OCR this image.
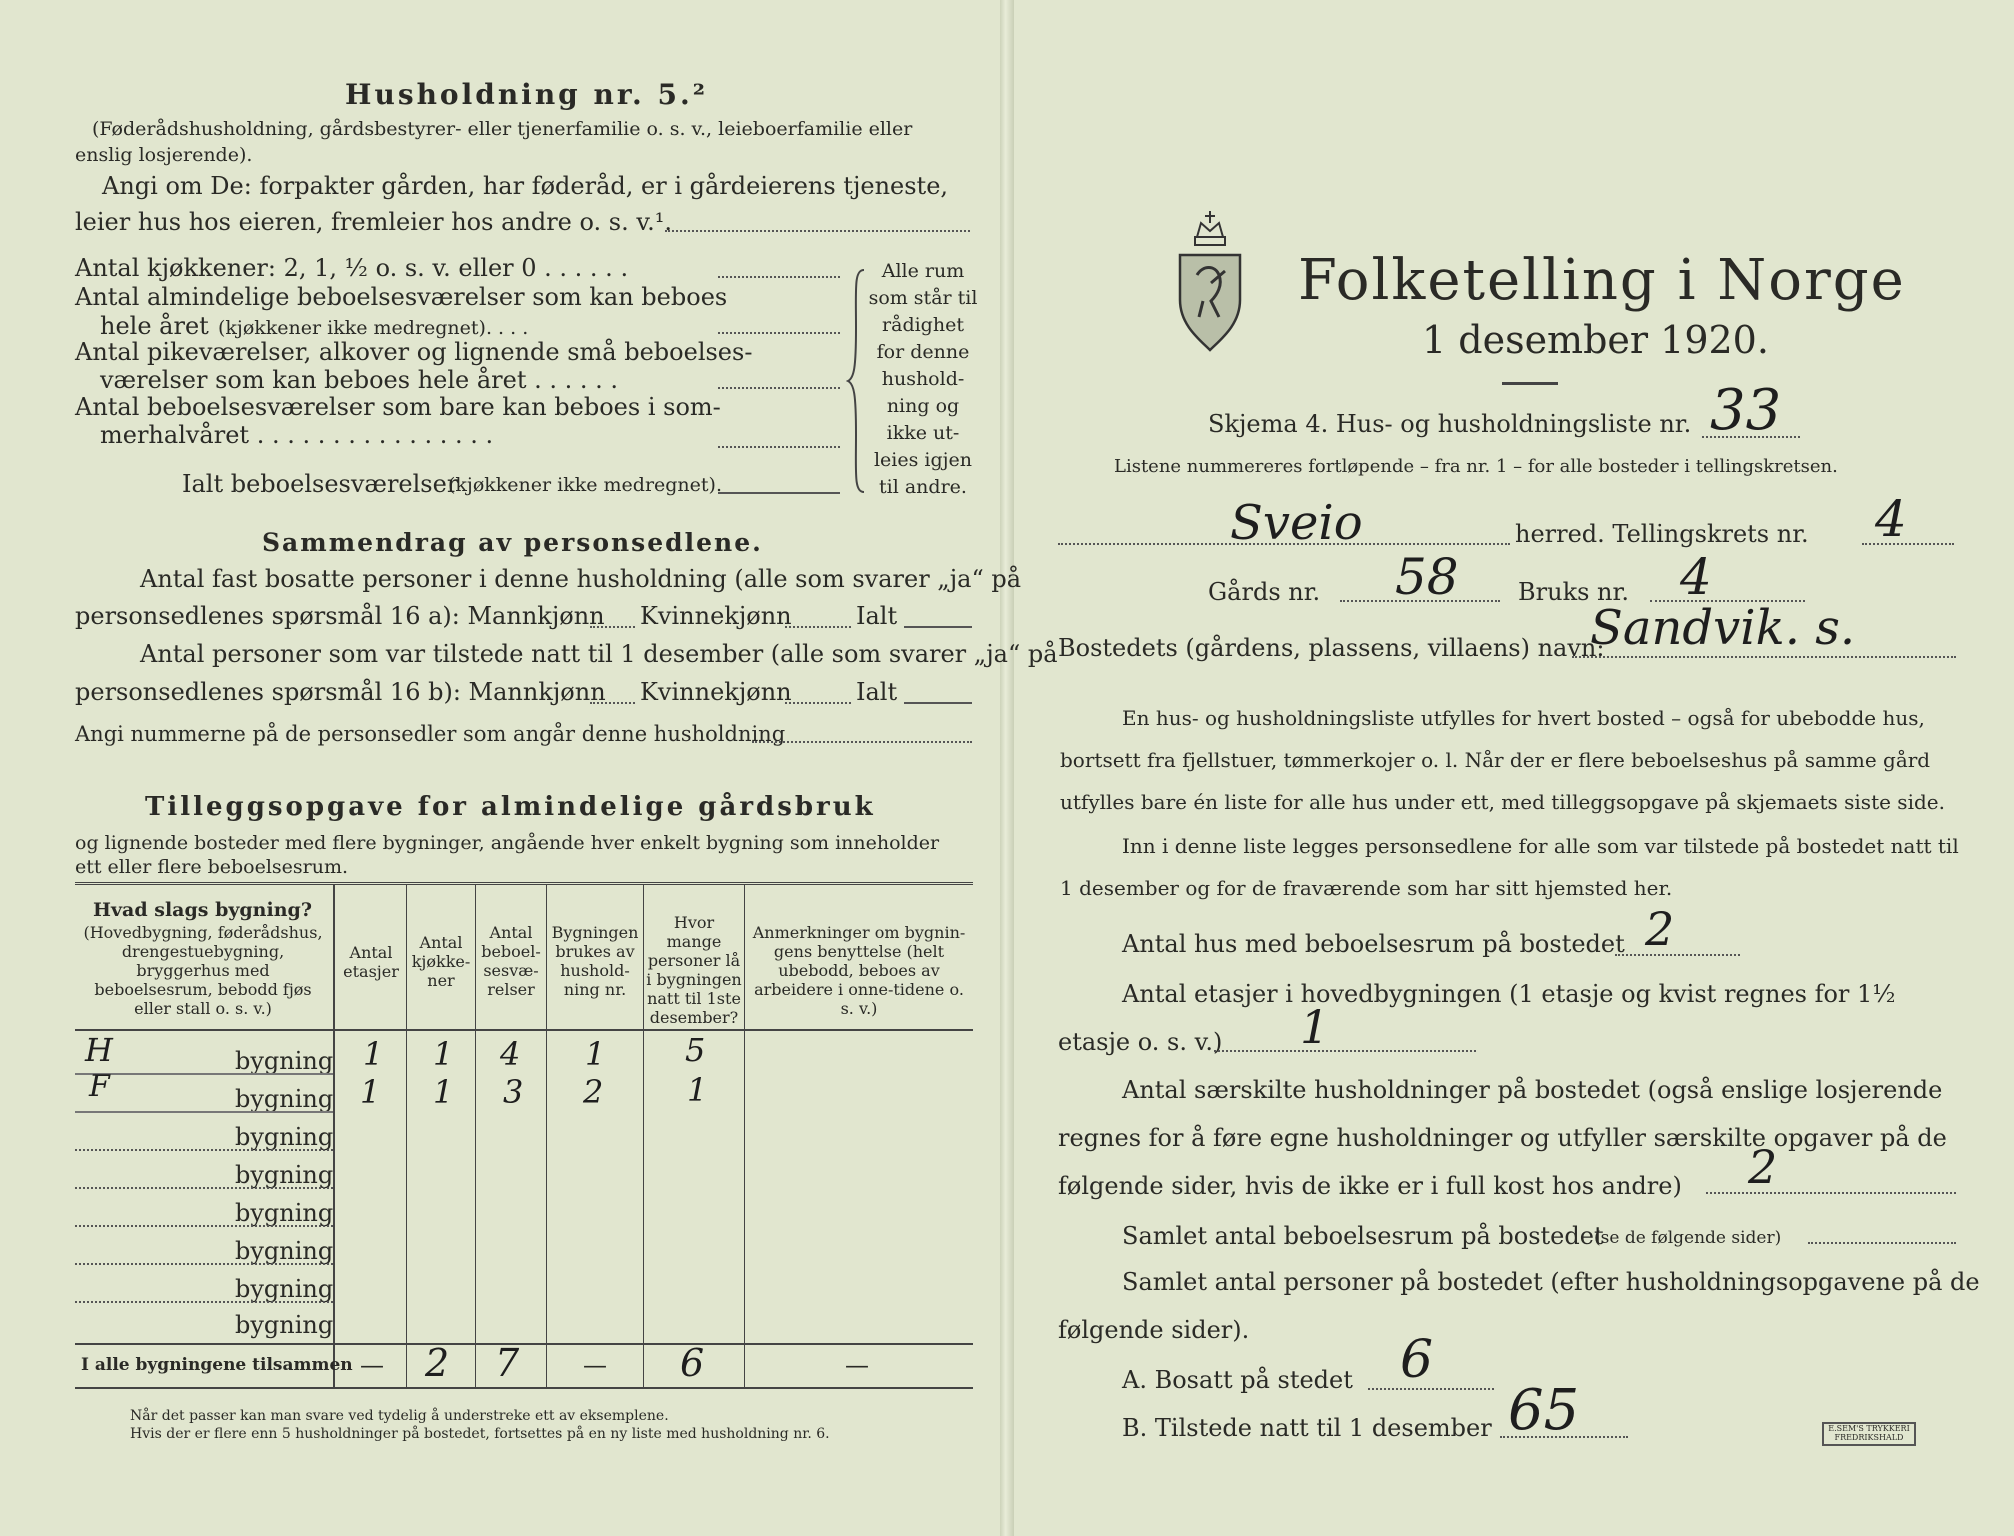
Husholdning nr. 5.²
(Føderådshusholdning, gårdsbestyrer- eller tjenerfamilie o. s. v., leieboerfamilie eller
enslig losjerende).
Angi om De: forpakter gården, har føderåd, er i gårdeierens tjeneste,
leier hus hos eieren, fremleier hos andre o. s. v.¹.
Antal kjøkkener: 2, 1, ½ o. s. v. eller 0 . . . . . .
Antal almindelige beboelsesværelser som kan beboes
hele året (kjøkkener ikke medregnet). . . .
Antal pikeværelser, alkover og lignende små beboelses-
værelser som kan beboes hele året . . . . . .
Antal beboelsesværelser som bare kan beboes i som-
merhalvåret . . . . . . . . . . . . . . . .
Ialt beboelsesværelser
(kjøkkener ikke medregnet).
Alle rum
som står til
rådighet
for denne
hushold-
ning og
ikke ut-
leies igjen
til andre.
Sammendrag av personsedlene.
Antal fast bosatte personer i denne husholdning (alle som svarer „ja“ på
personsedlenes spørsmål 16 a): Mannkjønn Kvinnekjønn	Ialt
Antal personer som var tilstede natt til 1 desember (alle som svarer „ja“ på
personsedlenes spørsmål 16 b): Mannkjønn Kvinnekjønn	Ialt
Angi nummerne på de personsedler som angår denne husholdning
Tilleggsopgave for almindelige gårdsbruk
og lignende bosteder med flere bygninger, angående hver enkelt bygning som inneholder
ett eller flere beboelsesrum.
Hvad slags bygning?
(Hovedbygning, føderådshus, drengestuebygning, bryggerhus med beboelsesrum, bebodd fjøs eller stall o. s. v.)
Antal etasjer
Antal kjøkke-ner
Antal beboel-sesvæ-relser
Bygningen brukes av hushold-ning nr.
Hvor mange personer lå i bygningen natt til 1ste desember?
Anmerkninger om bygnin-gens benyttelse (helt ubebodd, beboes av arbeidere i onne-tidene o. s. v.)
H	bygning 1 1 4 1 5
F	bygning 1 1 3 2	1
bygning
bygning
bygning
bygning
bygning
bygning
I alle bygningene tilsammen — 2 7	— 6	—
Når det passer kan man svare ved tydelig å understreke ett av eksemplene.
Hvis der er flere enn 5 husholdninger på bostedet, fortsettes på en ny liste med husholdning nr. 6.
Folketelling i Norge
1 desember 1920.
Skjema 4. Hus- og husholdningsliste nr. 33
Listene nummereres fortløpende – fra nr. 1 – for alle bosteder i tellingskretsen.
Sveio	herred. Tellingskrets nr. 4
Gårds nr. 58 Bruks nr. 4
Bostedets (gårdens, plassens, villaens) navn:
Sandvik. s.
En hus- og husholdningsliste utfylles for hvert bosted – også for ubebodde hus,
bortsett fra fjellstuer, tømmerkojer o. l. Når der er flere beboelseshus på samme gård
utfylles bare én liste for alle hus under ett, med tilleggsopgave på skjemaets siste side.
Inn i denne liste legges personsedlene for alle som var tilstede på bostedet natt til
1 desember og for de fraværende som har sitt hjemsted her.
Antal hus med beboelsesrum på bostedet 2
Antal etasjer i hovedbygningen (1 etasje og kvist regnes for 1½
etasje o. s. v.) 1
Antal særskilte husholdninger på bostedet (også enslige losjerende
regnes for å føre egne husholdninger og utfyller særskilte opgaver på de
følgende sider, hvis de ikke er i full kost hos andre) 2
Samlet antal beboelsesrum på bostedet
(se de følgende sider)
Samlet antal personer på bostedet (efter husholdningsopgavene på de
følgende sider).
A. Bosatt på stedet 6
B. Tilstede natt til 1 desember 65	E.SEM'S TRYKKERI FREDRIKSHALD
